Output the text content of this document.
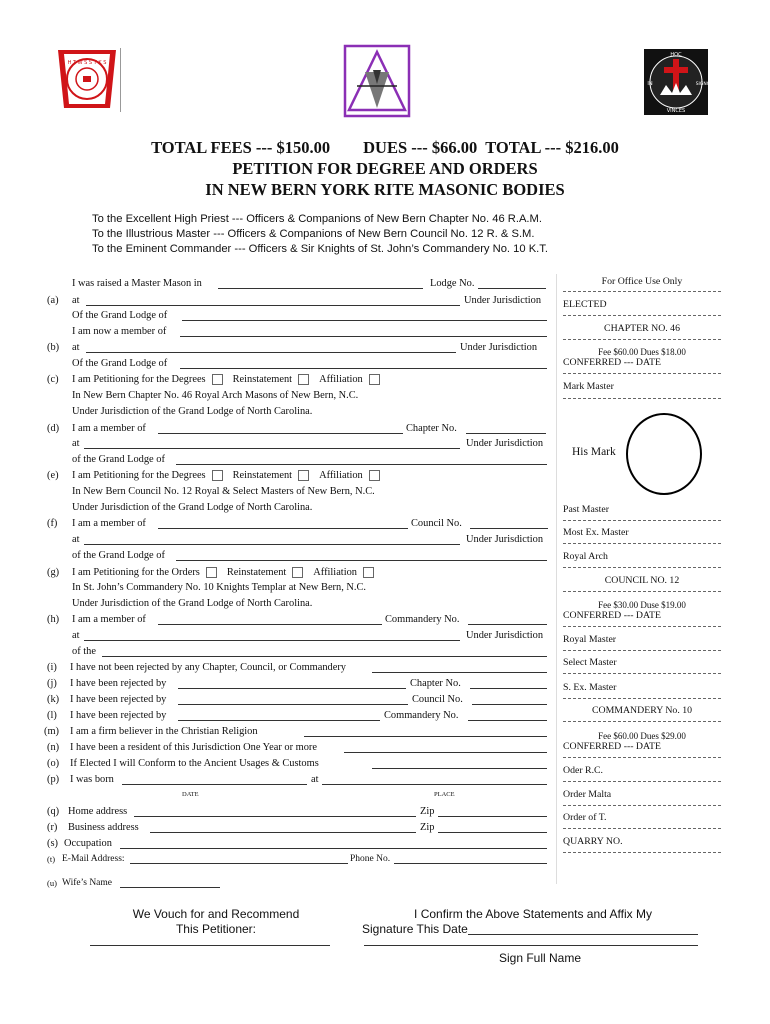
H T W S S T K S
HOC
VINCES
IN	SIGNO
TOTAL FEES --- $150.00        DUES --- $66.00  TOTAL --- $216.00
PETITION FOR DEGREE AND ORDERS
IN NEW BERN YORK RITE MASONIC BODIES
To the Excellent High Priest --- Officers & Companions of New Bern Chapter No. 46 R.A.M.
To the Illustrious Master --- Officers & Companions of New Bern Council No. 12 R. & S.M.
To the Eminent Commander --- Officers & Sir Knights of St. John’s Commandery No. 10 K.T.
I was raised a Master Mason in	Lodge No.
(a) at	Under Jurisdiction
Of the Grand Lodge of
I am now a member of
(b) at	Under Jurisdiction
Of the Grand Lodge of
(c) I am Petitioning for the Degrees	Reinstatement	Affiliation
In New Bern Chapter No. 46 Royal Arch Masons of New Bern, N.C.
Under Jurisdiction of the Grand Lodge of North Carolina.
(d) I am a member of	Chapter No.
at	Under Jurisdiction
of the Grand Lodge of
(e) I am Petitioning for the Degrees	Reinstatement	Affiliation
In New Bern Council No. 12 Royal & Select Masters of New Bern, N.C.
Under Jurisdiction of the Grand Lodge of North Carolina.
(f) I am a member of	Council No.
at	Under Jurisdiction
of the Grand Lodge of
(g) I am Petitioning for the Orders	Reinstatement	Affiliation
In St. John’s Commandery No. 10 Knights Templar at New Bern, N.C.
Under Jurisdiction of the Grand Lodge of North Carolina.
(h) I am a member of	Commandery No.
at	Under Jurisdiction
of the
(i) I have not been rejected by any Chapter, Council, or Commandery
(j) I have been rejected by	Chapter No.
(k) I have been rejected by	Council No.
(l) I have been rejected by	Commandery No.
(m) I am a firm believer in the Christian Religion
(n) I have been a resident of this Jurisdiction One Year or more
(o) If Elected I will Conform to the Ancient Usages & Customs
(p) I was born	at
DATE	PLACE
(q) Home address	Zip
(r) Business address	Zip
(s) Occupation
(t) E-Mail Address:	Phone No.
(u) Wife’s Name
For Office Use Only
ELECTED
CHAPTER NO. 46
Fee $60.00 Dues $18.00
CONFERRED --- DATE
Mark Master
His Mark
Past Master
Most Ex. Master
Royal Arch
COUNCIL NO. 12
Fee $30.00 Duse $19.00
CONFERRED --- DATE
Royal Master
Select Master
S. Ex. Master
COMMANDERY No. 10
Fee $60.00 Dues $29.00
CONFERRED --- DATE
Oder R.C.
Order Malta
Order of T.
QUARRY NO.
We Vouch for and Recommend
This Petitioner:
I Confirm the Above Statements and Affix My
Signature This Date
Sign Full Name
